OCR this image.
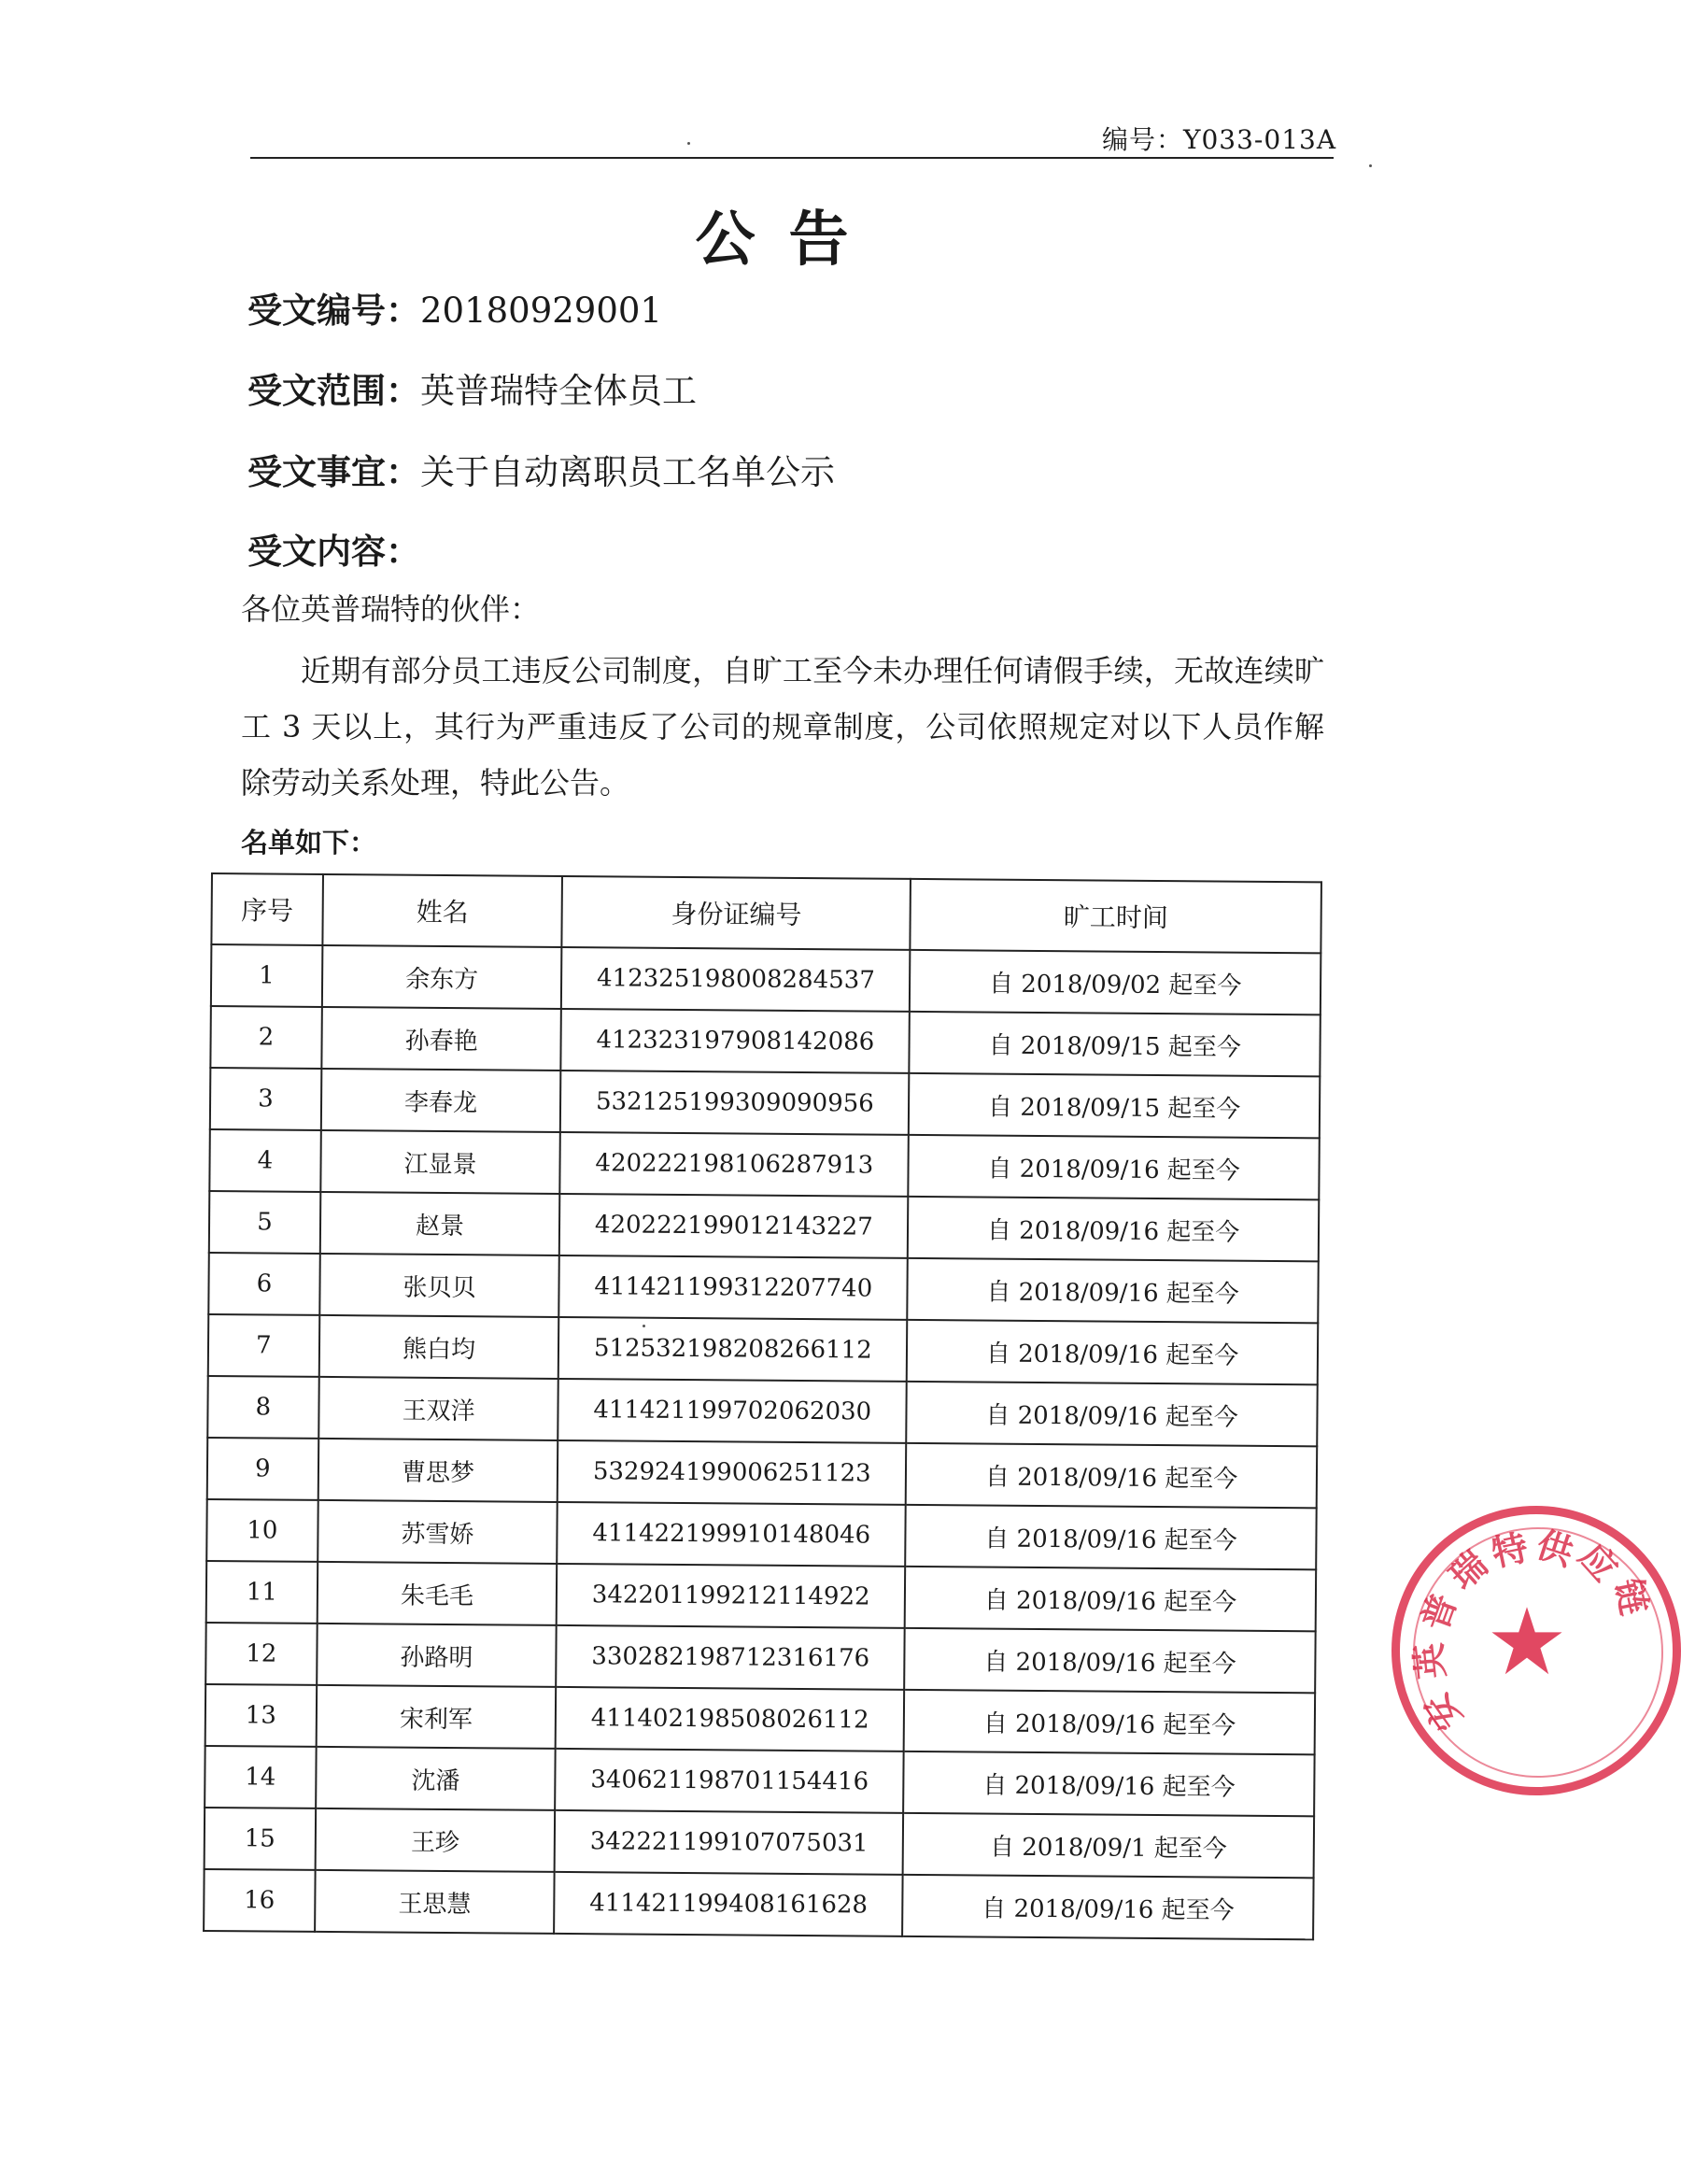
编号：Y033-013A
公告
受文编号：20180929001
受文范围：英普瑞特全体员工
受文事宜：关于自动离职员工名单公示
受文内容：
各位英普瑞特的伙伴：
近期有部分员工违反公司制度，自旷工至今未办理任何请假手续，无故连续旷工 3 天以上，其行为严重违反了公司的规章制度，公司依照规定对以下人员作解除劳动关系处理，特此公告。
名单如下：
序号	姓名	身份证编号	旷工时间
1	余东方	412325198008284537	自 2018/09/02 起至今
2	孙春艳	412323197908142086	自 2018/09/15 起至今
3	李春龙	532125199309090956	自 2018/09/15 起至今
4	江显景	420222198106287913	自 2018/09/16 起至今
5	赵景	420222199012143227	自 2018/09/16 起至今
6	张贝贝	411421199312207740	自 2018/09/16 起至今
7	熊白均	512532198208266112	自 2018/09/16 起至今
8	王双洋	411421199702062030	自 2018/09/16 起至今
9	曹思梦	532924199006251123	自 2018/09/16 起至今
10	苏雪娇	411422199910148046	自 2018/09/16 起至今
11	朱毛毛	342201199212114922	自 2018/09/16 起至今
12	孙路明	330282198712316176	自 2018/09/16 起至今
13	宋利军	411402198508026112	自 2018/09/16 起至今
14	沈潘	340621198701154416	自 2018/09/16 起至今
15	王珍	342221199107075031	自 2018/09/1 起至今
16	王思慧	411421199408161628	自 2018/09/16 起至今
链
应
供
特
瑞
普
英
安
